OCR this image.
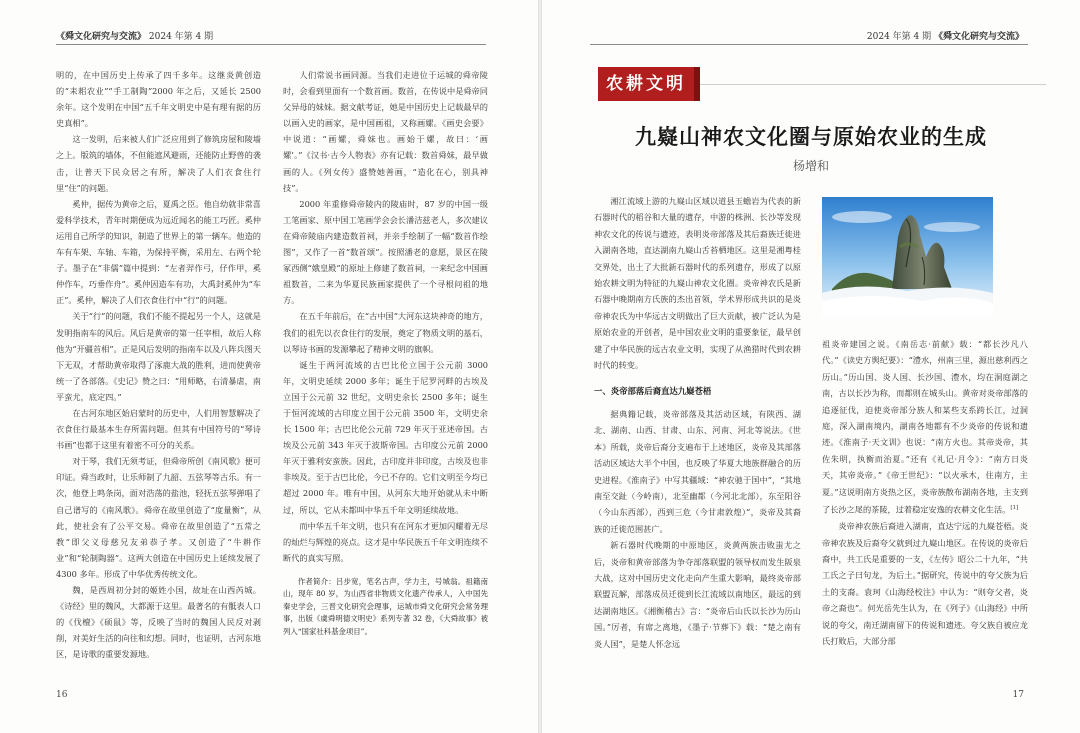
《舜文化研究与交流》 2024 年第 4 期

明的，在中国历史上传承了四千多年。这继炎黄创造的“耒耜农业”“手工制陶”2000 年之后，又延长 2500 余年。这个发明在中国“五千年文明史中是有理有据的历史真相”。

这一发明，后来被人们广泛应用到了修筑房屋和陵墙之上。版筑的墙体，不但能遮风避雨，还能防止野兽的袭击，让普天下民众居之有所，解决了人们衣食住行里“住”的问题。

奚仲，据传为黄帝之后，夏禹之臣。他自幼就非常喜爱科学技术，青年时期便成为远近闻名的能工巧匠。奚仲运用自己所学的知识，制造了世界上的第一辆车。他造的车有车架、车轴、车箱，为保持平衡，采用左、右两个轮子。墨子在“非儒”篇中提到：“左者羿作弓，仔作甲，奚仲作车，巧垂作舟”。奚仲因造车有功，大禹封奚仲为“车正”。奚仲，解决了人们衣食住行中“行”的问题。

关于“行”的问题，我们不能不提起另一个人，这就是发明指南车的风后。风后是黄帝的第一任宰相，故后人称他为“开疆首相”。正是风后发明的指南车以及八阵兵图天下无双，才帮助黄帝取得了涿鹿大战的胜利，进而使黄帝统一了各部落。《史记》赞之曰：“用师略，右清暴虐，南平蛮尤，底定四。”

在古河东地区始启蒙时的历史中，人们用智慧解决了衣食住行最基本生存所需问题。但其有中国符号的“琴诗书画”也都于这里有着密不可分的关系。

对于琴，我们无须考证，但舜帝所创《南风歌》便可印证。舜当政时，让乐师制了九韶、五弦琴等古乐。有一次，他登上鸣条岗，面对浩荡的盐池，轻抚五弦琴弹唱了自己谱写的《南风歌》。舜帝在故里创造了“度量衡”，从此，使社会有了公平交易。舜帝在故里创造了“五常之教”即父义母慈兄友弟恭子孝。又创造了“牛耕作业”和“轮制陶器”。这两大创造在中国历史上延续发展了 4300 多年。形成了中华优秀传统文化。

魏，是西周初分封的姬姓小国，故址在山西芮城。《诗经》里的魏风，大都源于这里。最著名的有骶表人口的《伐檀》《硕鼠》等，反映了当时的魏国人民反对剥削，对美好生活的向往和幻想。同时，也证明，古河东地区，是诗歌的重要发源地。

人们常说书画同源。当我们走进位于运城的舜帝陵时，会看到里面有一个数首画。数首，在传说中是舜帝同父异母的妹妹。据文献考证，她是中国历史上记载最早的以画入史的画家，是中国画祖，又称画嫘。《画史会要》中说道：“画嫘，舜妹也。画始于嫘，故曰：‘画嫘’。”《汉书·古今人物表》亦有记载：数首舜妹，最早做画的人。《列女传》盛赞她善画，“造化在心，别具神技”。

2000 年重修舜帝陵内的陵庙时，87 岁的中国一级工笔画家、原中国工笔画学会会长潘洁兹老人，多次建议在舜帝陵庙内建造数首祠，并亲手绘制了一幅“数首作绘图”，又作了一首“数首颂”。按照潘老的意愿，景区在陵冢西侧“娥皇殿”的原址上修建了数首祠，一来纪念中国画祖数首，二来为华夏民族画家提供了一个寻根问祖的地方。

在五千年前后，在“古中国”大河东这块神奇的地方，我们的祖先以衣食住行的发展，奠定了物质文明的基石，以琴诗书画的发源攀起了精神文明的旗帜。

诞生于两河流域的古巴比伦立国于公元前 3000 年，文明史延续 2000 多年；诞生于尼罗河畔的古埃及立国于公元前 32 世纪，文明史余长 2500 多年；诞生于恒河流域的古印度立国于公元前 3500 年，文明史余长 1500 年；古巴比伦公元前 729 年灭于亚述帝国。古埃及公元前 343 年灭于波斯帝国。古印度公元前 2000 年灭于雅利安蛮族。因此，古印度并非印度，古埃及也非非埃及。至于古巴比伦，今已不存的。它们文明至今均已超过 2000 年。唯有中国，从河东大地开始就从未中断过，所以，它从未都叫中华五千年文明延续故地。

而中华五千年文明，也只有在河东才更加闪耀着无尽的灿烂与辉煌的亮点。这才是中华民族五千年文明连续不断代的真实写照。

作者简介：吕步宽，笔名古声，学力主，号城翁。祖籍南山，现年 80 岁，为山西省非物质文化遗产传承人，入中国先秦史学会，三晋文化研究会理事，运城市舜文化研究会常务理事，出版《虞舜明德文明史》系列专著 32 卷，《大舜故事》被列入“国家社科基金项目”。

16
2024 年第 4 期 《舜文化研究与交流》
农耕文明
九嶷山神农文化圈与原始农业的生成
杨增和

湘江流域上游的九嶷山区域以道县玉蟾岩为代表的新石器时代的稻谷和大量的遗存，中游的株洲、长沙等发现神农文化的传说与遗迹，表明炎帝部落及其后裔族迁徙进入湖南各地，直达湖南九嶷山舌苔栖地区。这里是湘粤桂交界处，出土了大批新石器时代的系列遗存，形成了以原始农耕文明为特征的九嶷山神农文化圈。炎帝神农氏是新石器中晚期南方氏族的杰出首领，学术界形成共识的是炎帝神农氏为中华远古文明做出了巨大贡献，被广泛认为是原始农业的开创者，是中国农业文明的重要象征，最早创建了中华民族的远古农业文明，实现了从渔猎时代到农耕时代的转变。

一、炎帝部落后裔直达九嶷苍梧

据典籍记载，炎帝部落及其活动区域，有陕西、湖北、湖南、山西、甘肃、山东、河南、河北等说法。《世本》所载，炎帝后裔分支遍布于上述地区，炎帝及其部落活动区域达大半个中国，也反映了华夏大地族群融合的历史进程。《淮南子》中写其疆域：“神农驰于国中”，“其地南至交趾（今岭南），北至幽都（今河北北部），东至阳谷（今山东西部），西到三危（今甘肃敦煌）”，炎帝及其裔族的迁徙范围甚广。

新石器时代晚期的中原地区，炎黄两族击败蚩尤之后，炎帝和黄帝部落为争夺部落联盟的领导权而发生阪泉大战，这对中国历史文化走向产生重大影响，最终炎帝部联盟瓦解，部落成员迁徙到长江流域以南地区，最远的到达湖南地区。《湘衡稽古》言：“炎帝后山氏以长沙为历山国。”厉者，有席之离地，《墨子·节葬下》载：“楚之南有炎人国”，是楚人怀念远

祖炎帝建国之说。《南岳志·前献》载：“都长沙凡八代。”《读史方舆纪要》：“澧水，州南三里，源出慈利西之历山。”历山国、炎人国、长沙国、澧水，均在洞庭湖之南，古以长沙为称，而都则在城头山。黄帝对炎帝部落的追逐征伐，迫使炎帝部分族人和某些支系跨长江，过洞庭，深入湖南境内，湖南各地都有不少炎帝的传说和遗迹。《淮南子·天文训》也说：“南方火也。其帝炎帝，其佐朱明，执衡而治夏。”还有《礼记·月令》：“南方日炎天，其帝炎帝。”《帝王世纪》：“以火承木，住南方，主夏。”这说明南方炎热之区，炎帝族散布湖南各地，主支到了长沙之尾的茶陵，过着稳定安逸的农耕文化生活。[1]

炎帝神农族后裔进入湖南，直达宁远的九嶷苍梧。炎帝神农族及后裔夸父就到过九嶷山地区。在传说的炎帝后裔中，共工氏是重要的一支，《左传》昭公二十九年，“共工氏之子曰句龙，为后土。”据研究，传说中的夸父族为后土的支裔。袁珂《山海经校注》中认为：“则夸父者，炎帝之裔也”。何光岳先生认为，在《列子》《山海经》中所说的夸父，南迁湖南留下的传说和遗迹。夸父族自被应龙氏打败后，大部分部

17
